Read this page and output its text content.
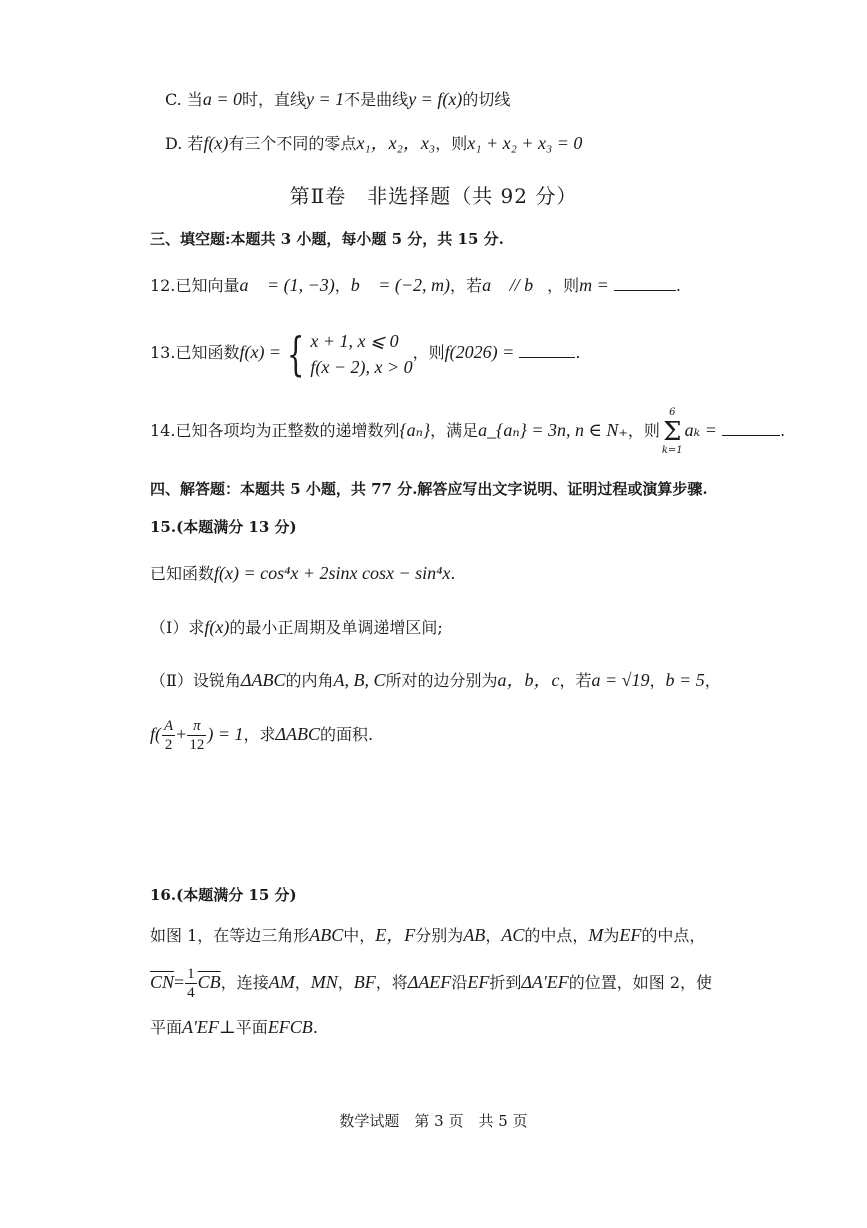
C. 当a = 0时，直线y = 1不是曲线y = f(x)的切线
D. 若f(x)有三个不同的零点x₁，x₂，x₃，则x₁ + x₂ + x₃ = 0
第Ⅱ卷　非选择题（共 92 分）
三、填空题:本题共 3 小题，每小题 5 分，共 15 分.
12.已知向量a⃗ = (1, −3)，b⃗ = (−2, m)，若a⃗ // b⃗，则m =	.
13.已知函数f(x) = { x + 1, x ⩽ 0
f(x − 2), x > 0
，则f(2026) =	.
14.已知各项均为正整数的递增数列{aₙ}，满足a_{aₙ} = 3n, n ∈ N₊，则
6
Σ
k=1
aₖ =	.
四、解答题：本题共 5 小题，共 77 分.解答应写出文字说明、证明过程或演算步骤.
15.(本题满分 13 分)
已知函数f(x) = cos⁴x + 2sinx cosx − sin⁴x.
（Ⅰ）求f(x)的最小正周期及单调递增区间;
（Ⅱ）设锐角ΔABC的内角A, B, C所对的边分别为a，b，c，若a = √19，b = 5，
$f( \frac{A}{2} + \frac{\pi}{12}$ ) = 1，求ΔABC的面积.
16.(本题满分 15 分)
如图 1，在等边三角形ABC中，E，F分别为AB，AC的中点，M为EF的中点，
$\overline{CN}= \frac{1}{4} \overline{CB}$，连接AM，MN，BF，将ΔAEF沿EF折到ΔA'EF的位置，如图 2，使
平面A'EF⊥平面EFCB.
数学试题　第 3 页　共 5 页
